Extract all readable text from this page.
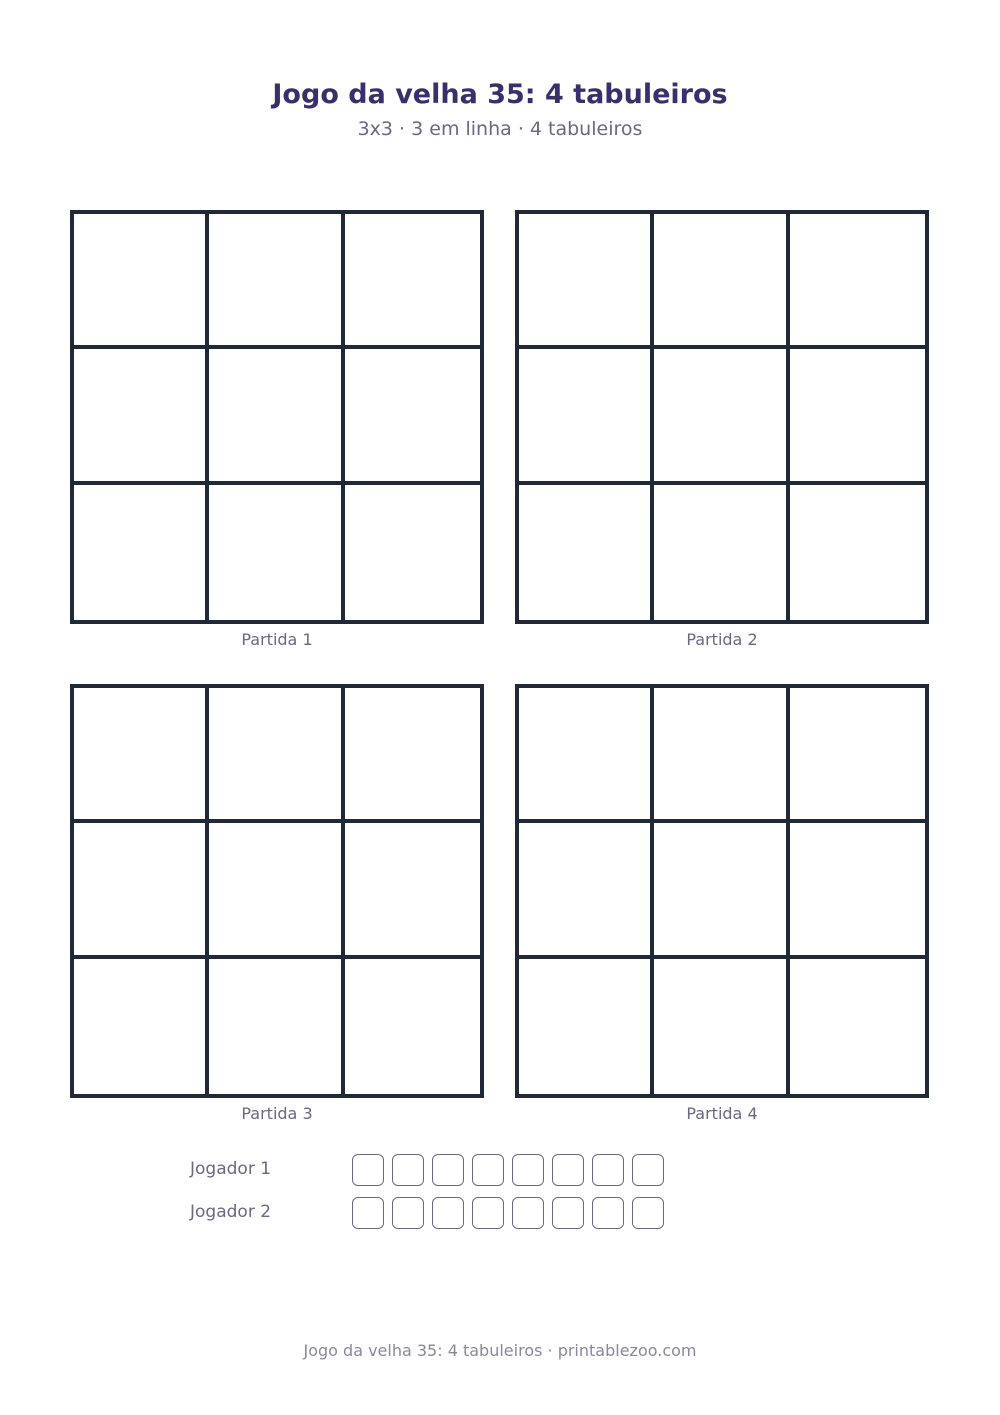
Jogo da velha 35: 4 tabuleiros
3x3 · 3 em linha · 4 tabuleiros
Partida 1	Partida 2
Partida 3	Partida 4
Jogador 1
Jogador 2
Jogo da velha 35: 4 tabuleiros · printablezoo.com
